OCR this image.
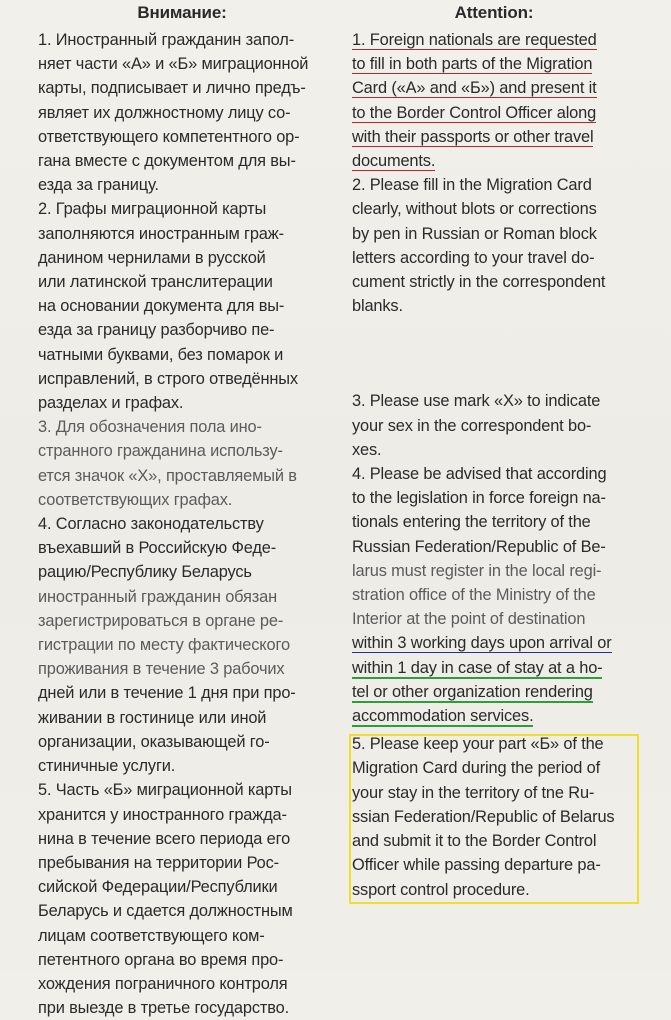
Внимание:
1. Иностранный гражданин запол-
няет части «А» и «Б» миграционной
карты, подписывает и лично предъ-
являет их должностному лицу со-
ответствующего компетентного ор-
гана вместе с документом для вы-
езда за границу.
2. Графы миграционной карты
заполняются иностранным граж-
данином чернилами в русской
или латинской транслитерации
на основании документа для вы-
езда за границу разборчиво пе-
чатными буквами, без помарок и
исправлений, в строго отведённых
разделах и графах.
3. Для обозначения пола ино-
странного гражданина использу-
ется значок «Х», проставляемый в
соответствующих графах.
4. Согласно законодательству
въехавший в Российскую Феде-
рацию/Республику Беларусь
иностранный гражданин обязан
зарегистрироваться в органе ре-
гистрации по месту фактического
проживания в течение 3 рабочих
дней или в течение 1 дня при про-
живании в гостинице или иной
организации, оказывающей го-
стиничные услуги.
5. Часть «Б» миграционной карты
хранится у иностранного гражда-
нина в течение всего периода его
пребывания на территории Рос-
сийской Федерации/Республики
Беларусь и сдается должностным
лицам соответствующего ком-
петентного органа во время про-
хождения пограничного контроля
при выезде в третье государство.
Attention:
1. Foreign nationals are requested
to fill in both parts of the Migration
Card («A» and «Б») and present it
to the Border Control Officer along
with their passports or other travel
documents.
2. Please fill in the Migration Card
clearly, without blots or corrections
by pen in Russian or Roman block
letters according to your travel do-
cument strictly in the correspondent
blanks.
3. Please use mark «X» to indicate
your sex in the correspondent bo-
xes.
4. Please be advised that according
to the legislation in force foreign na-
tionals entering the territory of the
Russian Federation/Republic of Be-
larus must register in the local regi-
stration office of the Ministry of the
Interior at the point of destination
within 3 working days upon arrival or
within 1 day in case of stay at a ho-
tel or other organization rendering
accommodation services.
5. Please keep your part «Б» of the
Migration Card during the period of
your stay in the territory of tne Ru-
ssian Federation/Republic of Belarus
and submit it to the Border Control
Officer while passing departure pa-
ssport control procedure.
